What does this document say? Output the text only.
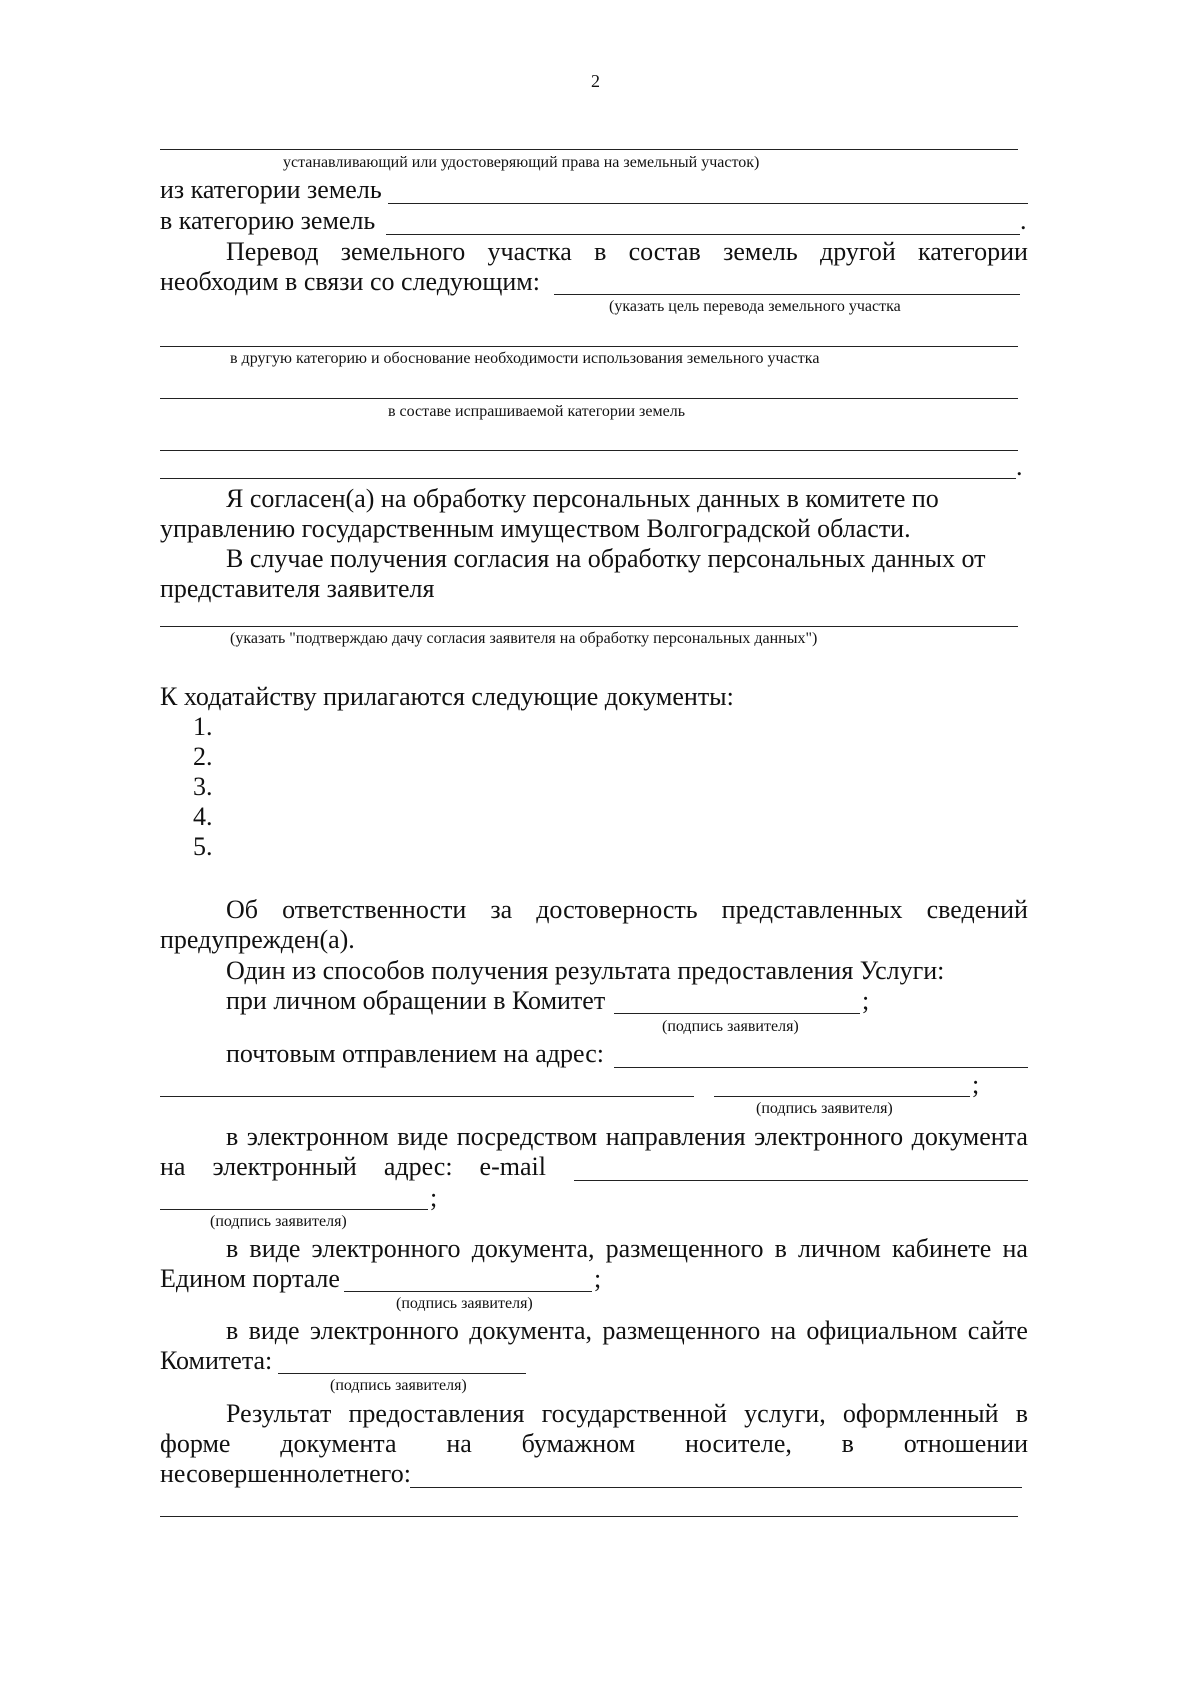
2
устанавливающий или удостоверяющий права на земельный участок)
из категории земель
в категорию земель	.
Перевод земельного участка в состав земель другой категории
необходим в связи со следующим:
(указать цель перевода земельного участка
в другую категорию и обоснование необходимости использования земельного участка
в составе испрашиваемой категории земель
.
Я согласен(а) на обработку персональных данных в комитете по
управлению государственным имуществом Волгоградской области.
В случае получения согласия на обработку персональных данных от
представителя заявителя
(указать "подтверждаю дачу согласия заявителя на обработку персональных данных")
К ходатайству прилагаются следующие документы:
1.
2.
3.
4.
5.
Об ответственности за достоверность представленных сведений
предупрежден(а).
Один из способов получения результата предоставления Услуги:
при личном обращении в Комитет	;
(подпись заявителя)
почтовым отправлением на адрес:
;
(подпись заявителя)
в электронном виде посредством направления электронного документа
на электронный адрес: e-mail
;
(подпись заявителя)
в виде электронного документа, размещенного в личном кабинете на
Едином портале	;
(подпись заявителя)
в виде электронного документа, размещенного на официальном сайте
Комитета:
(подпись заявителя)
Результат предоставления государственной услуги, оформленный в
форме документа на бумажном носителе, в отношении
несовершеннолетнего:
